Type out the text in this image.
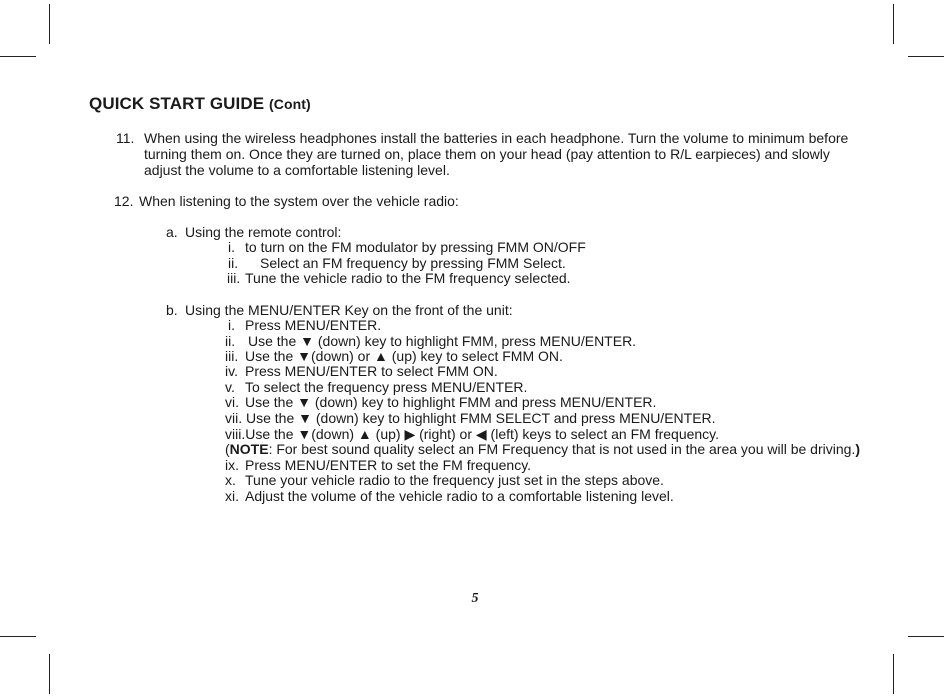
QUICK START GUIDE (Cont)
11. When using the wireless headphones install the batteries in each headphone. Turn the volume to minimum before
turning them on. Once they are turned on, place them on your head (pay attention to R/L earpieces) and slowly
adjust the volume to a comfortable listening level.
12. When listening to the system over the vehicle radio:
a. Using the remote control:
i. to turn on the FM modulator by pressing FMM ON/OFF
ii. Select an FM frequency by pressing FMM Select.
iii. Tune the vehicle radio to the FM frequency selected.
b. Using the MENU/ENTER Key on the front of the unit:
i. Press MENU/ENTER.
ii. Use the ▼ (down) key to highlight FMM, press MENU/ENTER.
iii. Use the ▼(down) or ▲ (up) key to select FMM ON.
iv. Press MENU/ENTER to select FMM ON.
v. To select the frequency press MENU/ENTER.
vi. Use the ▼ (down) key to highlight FMM and press MENU/ENTER.
vii. Use the ▼ (down) key to highlight FMM SELECT and press MENU/ENTER.
viii.Use the ▼(down) ▲ (up) ▶ (right) or ◀ (left) keys to select an FM frequency.
(NOTE: For best sound quality select an FM Frequency that is not used in the area you will be driving.)
ix. Press MENU/ENTER to set the FM frequency.
x. Tune your vehicle radio to the frequency just set in the steps above.
xi. Adjust the volume of the vehicle radio to a comfortable listening level.
5
